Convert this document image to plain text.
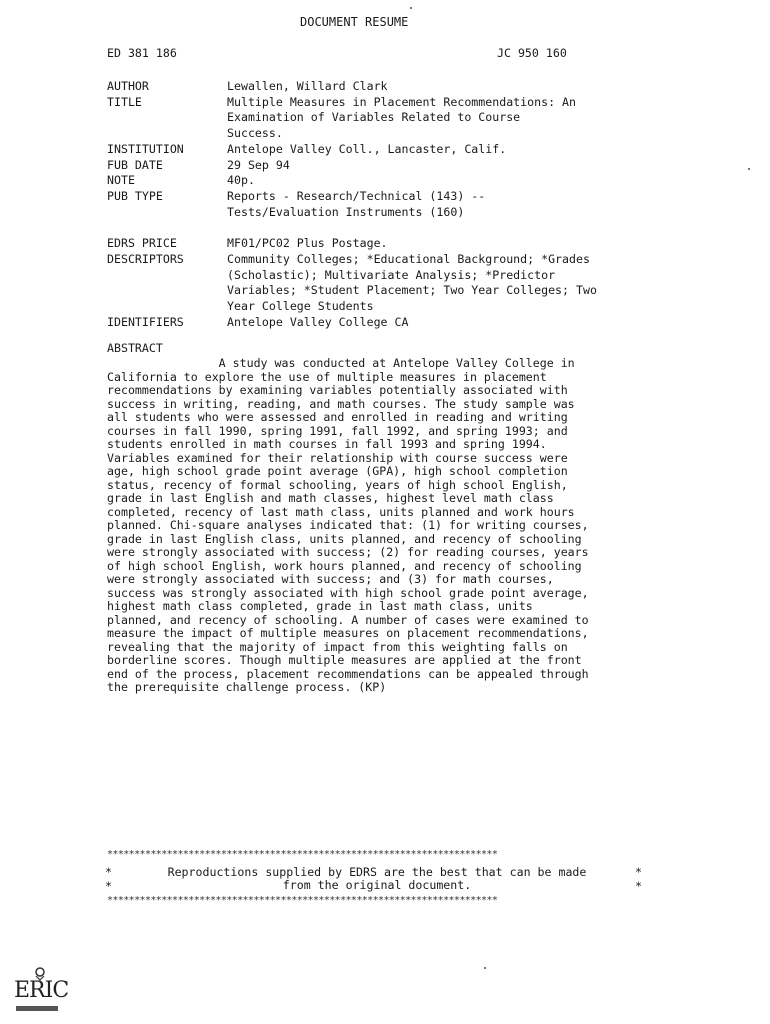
DOCUMENT RESUME
ED 381 186	JC 950 160
AUTHOR	Lewallen, Willard Clark
TITLE	Multiple Measures in Placement Recommendations: An
Examination of Variables Related to Course
Success.
INSTITUTION	Antelope Valley Coll., Lancaster, Calif.
FUB DATE	29 Sep 94
NOTE	40p.
PUB TYPE	Reports - Research/Technical (143) --
Tests/Evaluation Instruments (160)
EDRS PRICE	MF01/PC02 Plus Postage.
DESCRIPTORS	Community Colleges; *Educational Background; *Grades
(Scholastic); Multivariate Analysis; *Predictor
Variables; *Student Placement; Two Year Colleges; Two
Year College Students
IDENTIFIERS	Antelope Valley College CA
ABSTRACT
A study was conducted at Antelope Valley College in
California to explore the use of multiple measures in placement
recommendations by examining variables potentially associated with
success in writing, reading, and math courses. The study sample was
all students who were assessed and enrolled in reading and writing
courses in fall 1990, spring 1991, fall 1992, and spring 1993; and
students enrolled in math courses in fall 1993 and spring 1994.
Variables examined for their relationship with course success were
age, high school grade point average (GPA), high school completion
status, recency of formal schooling, years of high school English,
grade in last English and math classes, highest level math class
completed, recency of last math class, units planned and work hours
planned. Chi-square analyses indicated that: (1) for writing courses,
grade in last English class, units planned, and recency of schooling
were strongly associated with success; (2) for reading courses, years
of high school English, work hours planned, and recency of schooling
were strongly associated with success; and (3) for math courses,
success was strongly associated with high school grade point average,
highest math class completed, grade in last math class, units
planned, and recency of schooling. A number of cases were examined to
measure the impact of multiple measures on placement recommendations,
revealing that the majority of impact from this weighting falls on
borderline scores. Though multiple measures are applied at the front
end of the process, placement recommendations can be appealed through
the prerequisite challenge process. (KP)
************************************************************************
*	*
Reproductions supplied by EDRS are the best that can be made
*	*
from the original document.
************************************************************************
ERIC
